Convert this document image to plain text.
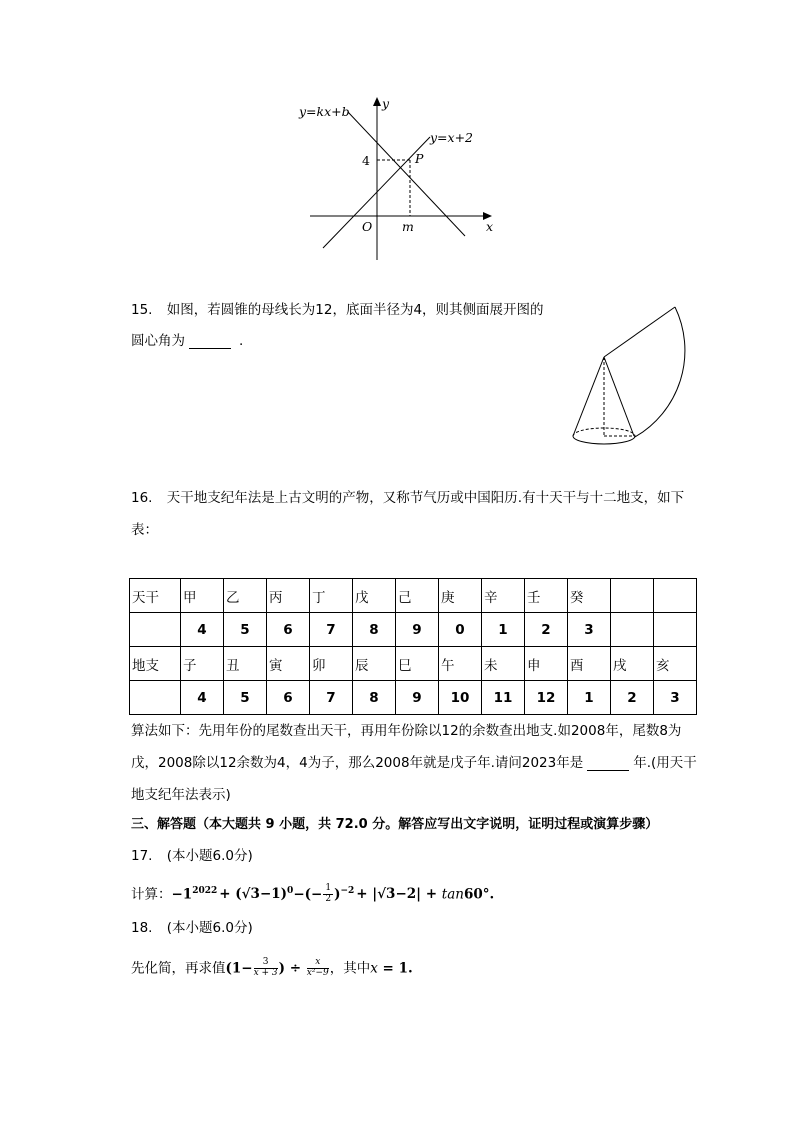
y=kx+b
y=x+2
y
x
O
P
4
m
15. 如图，若圆锥的母线长为12，底面半径为4，则其侧面展开图的
圆心角为	.
16. 天干地支纪年法是上古文明的产物，又称节气历或中国阳历.有十天干与十二地支，如下
表：
天干	甲	乙	丙	丁	戊	己	庚	辛	壬	癸		
	4	5	6	7	8	9	0	1	2	3		
地支	子	丑	寅	卯	辰	巳	午	未	申	酉	戌	亥
	4	5	6	7	8	9	10	11	12	1	2	3
算法如下：先用年份的尾数查出天干，再用年份除以12的余数查出地支.如2008年，尾数8为
戊，2008除以12余数为4，4为子，那么2008年就是戊子年.请问2023年是	年.(用天干
地支纪年法表示)
三、解答题（本大题共 9 小题，共 72.0 分。解答应写出文字说明，证明过程或演算步骤）
17. (本小题6.0分)
计算：$-1^{2022} + (√3-1)^0-(- \frac{1}{2} )^{-2} + |√3-2| + \tan 60^\circ$.
18. (本小题6.0分)
先化简，再求值($1- \frac{3}{x + 3}$ ) ÷ $\frac{x}{\text{x²−9}}$ ，其中x = 1.
